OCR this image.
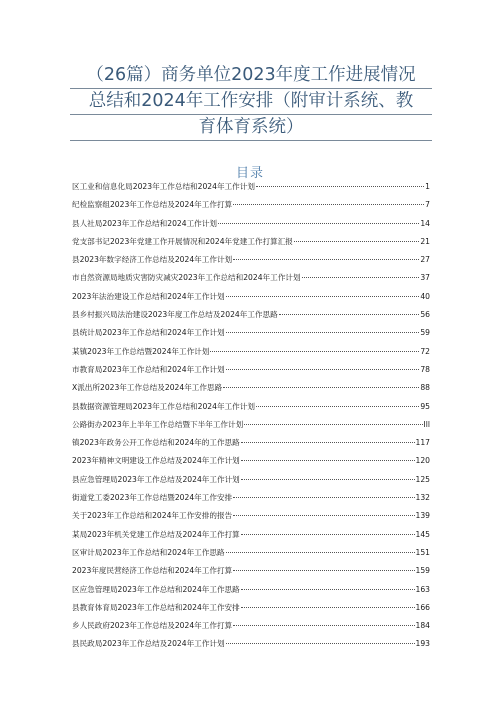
（26篇）商务单位2023年度工作进展情况
总结和2024年工作安排（附审计系统、教
育体育系统）
目录
区工业和信息化局2023年工作总结和2024年工作计划	1
纪检监察组2023年工作总结及2024年工作打算	7
县人社局2023年工作总结和2024工作计划	14
党支部书记2023年党建工作开展情况和2024年党建工作打算汇报	21
县2023年数字经济工作总结及2024年工作计划	27
市自然资源局地质灾害防灾减灾2023年工作总结和2024年工作计划	37
2023年法治建设工作总结和2024年工作计划	40
县乡村振兴局法治建设2023年度工作总结及2024年工作思路	56
县统计局2023年工作总结和2024年工作计划	59
某镇2023年工作总结暨2024年工作计划	72
市教育局2023年工作总结和2024年工作计划	78
X派出所2023年工作总结及2024年工作思路	88
县数据资源管理局2023年工作总结和2024年工作计划	95
公路街办2023年上半年工作总结暨下半年工作计划	Ill
镇2023年政务公开工作总结和2024年的工作思路	117
2023年精神文明建设工作总结及2024年工作计划	120
县应急管理局2023年工作总结及2024年工作计划	125
街道党工委2023年工作总结暨2024年工作安排	132
关于2023年工作总结和2024年工作安排的报告	139
某局2023年机关党建工作总结及2024年工作打算	145
区审计局2023年工作总结和2024年工作思路	151
2023年度民营经济工作总结和2024年工作打算	159
区应急管理局2023年工作总结和2024年工作思路	163
县教育体育局2023年工作总结和2024年工作安排	166
乡人民政府2023年工作总结及2024年工作打算	184
县民政局2023年工作总结及2024年工作计划	193
